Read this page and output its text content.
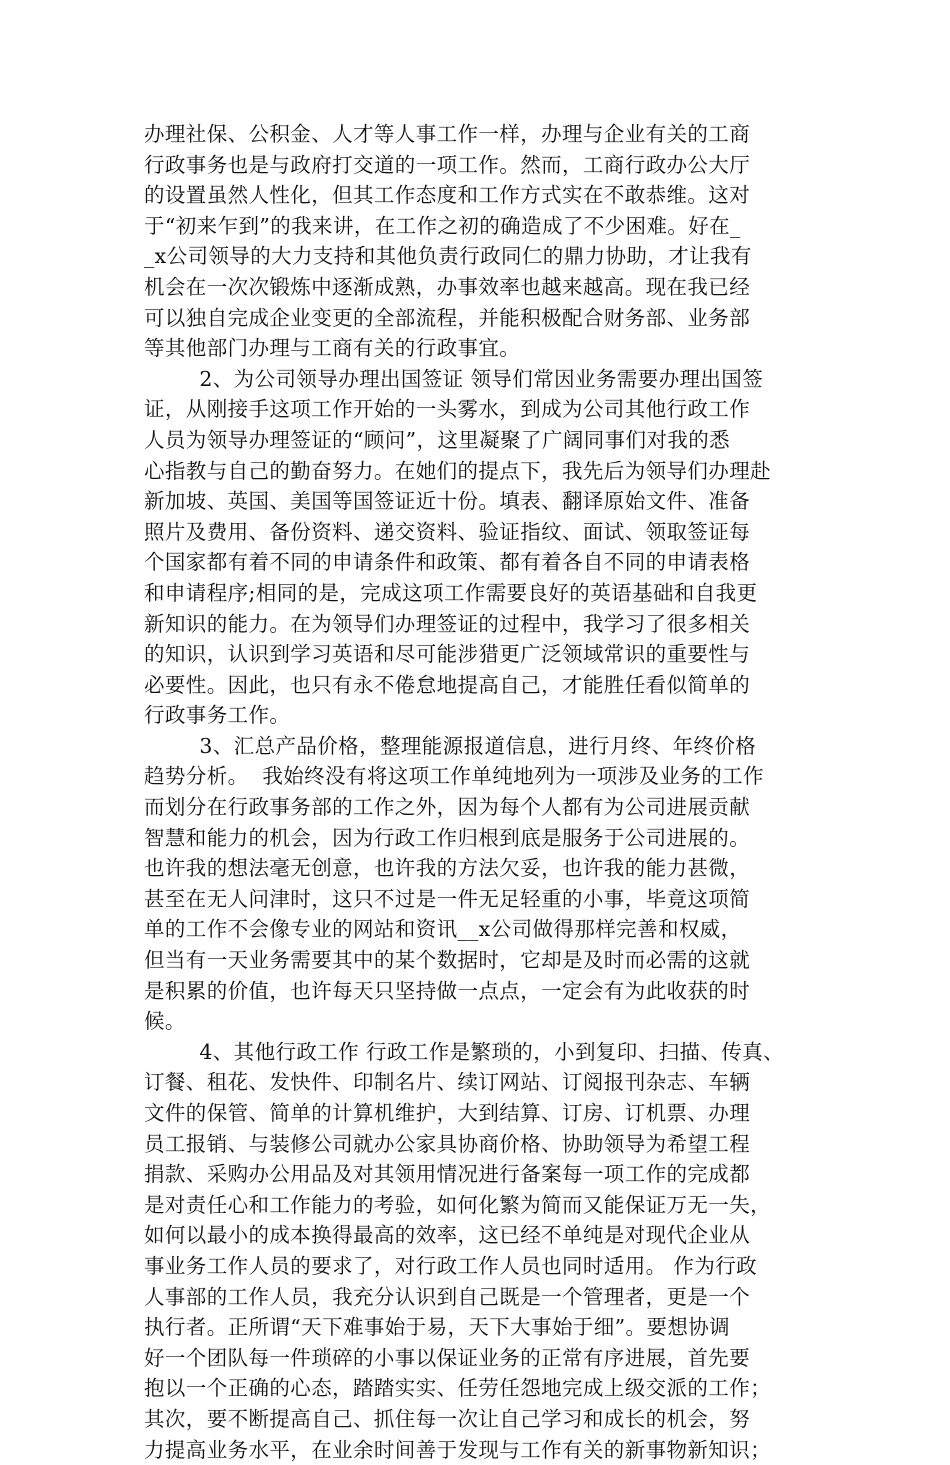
办理社保、公积金、人才等人事工作一样，办理与企业有关的工商
行政事务也是与政府打交道的一项工作。然而，工商行政办公大厅
的设置虽然人性化，但其工作态度和工作方式实在不敢恭维。这对
于“初来乍到”的我来讲，在工作之初的确造成了不少困难。好在_
_x公司领导的大力支持和其他负责行政同仁的鼎力协助，才让我有
机会在一次次锻炼中逐渐成熟，办事效率也越来越高。现在我已经
可以独自完成企业变更的全部流程，并能积极配合财务部、业务部
等其他部门办理与工商有关的行政事宜。
2、为公司领导办理出国签证 领导们常因业务需要办理出国签
证，从刚接手这项工作开始的一头雾水，到成为公司其他行政工作
人员为领导办理签证的“顾问”，这里凝聚了广阔同事们对我的悉
心指教与自己的勤奋努力。在她们的提点下，我先后为领导们办理赴
新加坡、英国、美国等国签证近十份。填表、翻译原始文件、准备
照片及费用、备份资料、递交资料、验证指纹、面试、领取签证每
个国家都有着不同的申请条件和政策、都有着各自不同的申请表格
和申请程序;相同的是，完成这项工作需要良好的英语基础和自我更
新知识的能力。在为领导们办理签证的过程中，我学习了很多相关
的知识，认识到学习英语和尽可能涉猎更广泛领域常识的重要性与
必要性。因此，也只有永不倦怠地提高自己，才能胜任看似简单的
行政事务工作。
3、汇总产品价格，整理能源报道信息，进行月终、年终价格
趋势分析。  我始终没有将这项工作单纯地列为一项涉及业务的工作
而划分在行政事务部的工作之外，因为每个人都有为公司进展贡献
智慧和能力的机会，因为行政工作归根到底是服务于公司进展的。
也许我的想法毫无创意，也许我的方法欠妥，也许我的能力甚微，
甚至在无人问津时，这只不过是一件无足轻重的小事，毕竟这项简
单的工作不会像专业的网站和资讯__x公司做得那样完善和权威，
但当有一天业务需要其中的某个数据时，它却是及时而必需的这就
是积累的价值，也许每天只坚持做一点点，一定会有为此收获的时
候。
4、其他行政工作 行政工作是繁琐的，小到复印、扫描、传真、
订餐、租花、发快件、印制名片、续订网站、订阅报刊杂志、车辆
文件的保管、简单的计算机维护，大到结算、订房、订机票、办理
员工报销、与装修公司就办公家具协商价格、协助领导为希望工程
捐款、采购办公用品及对其领用情况进行备案每一项工作的完成都
是对责任心和工作能力的考验，如何化繁为简而又能保证万无一失，
如何以最小的成本换得最高的效率，这已经不单纯是对现代企业从
事业务工作人员的要求了，对行政工作人员也同时适用。 作为行政
人事部的工作人员，我充分认识到自己既是一个管理者，更是一个
执行者。正所谓“天下难事始于易，天下大事始于细”。要想协调
好一个团队每一件琐碎的小事以保证业务的正常有序进展，首先要
抱以一个正确的心态，踏踏实实、任劳任怨地完成上级交派的工作；
其次，要不断提高自己、抓住每一次让自己学习和成长的机会，努
力提高业务水平，在业余时间善于发现与工作有关的新事物新知识；
